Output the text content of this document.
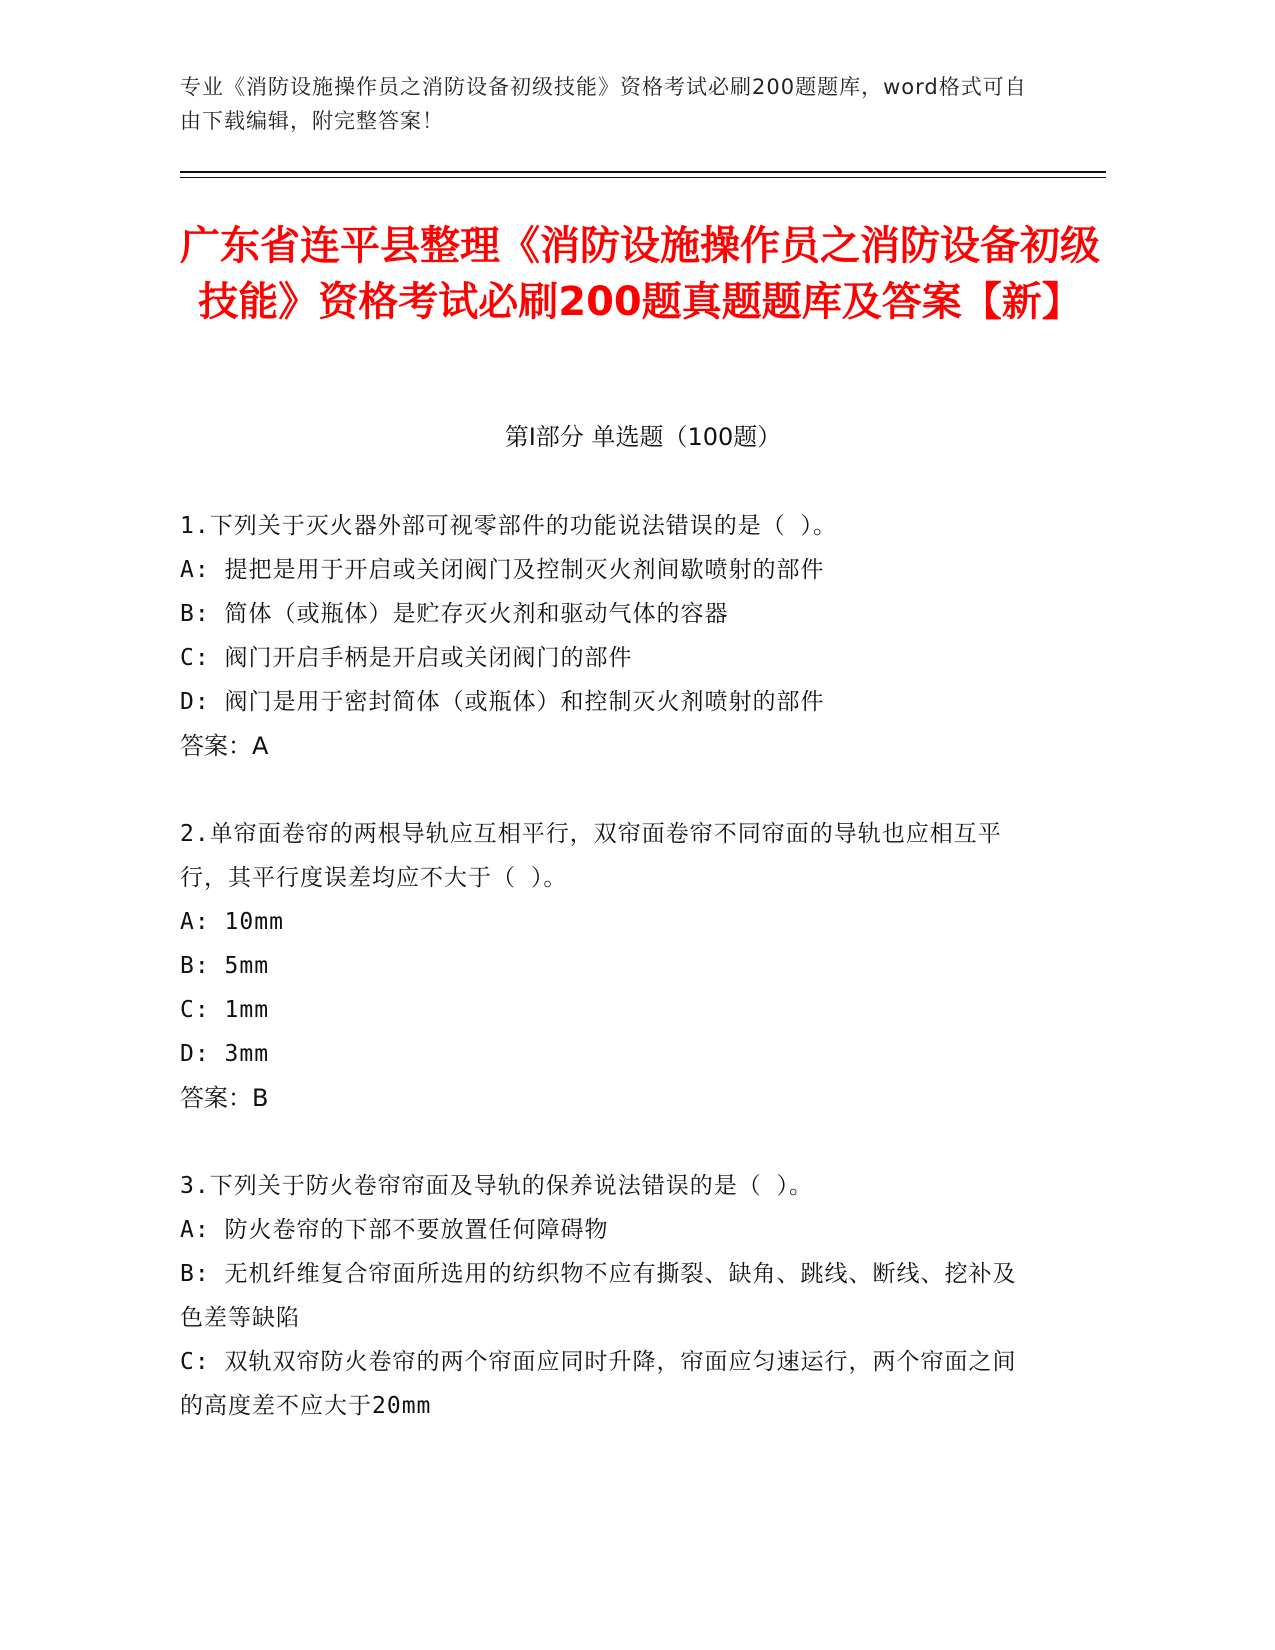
专业《消防设施操作员之消防设备初级技能》资格考试必刷200题题库，word格式可自由下载编辑，附完整答案！
广东省连平县整理《消防设施操作员之消防设备初级技能》资格考试必刷200题真题题库及答案【新】
第Ⅰ部分 单选题（100题）
1.下列关于灭火器外部可视零部件的功能说法错误的是（ ）。
A: 提把是用于开启或关闭阀门及控制灭火剂间歇喷射的部件
B: 简体（或瓶体）是贮存灭火剂和驱动气体的容器
C: 阀门开启手柄是开启或关闭阀门的部件
D: 阀门是用于密封简体（或瓶体）和控制灭火剂喷射的部件
答案：A
2.单帘面卷帘的两根导轨应互相平行，双帘面卷帘不同帘面的导轨也应相互平行，其平行度误差均应不大于（ ）。
A: 10mm
B: 5mm
C: 1mm
D: 3mm
答案：B
3.下列关于防火卷帘帘面及导轨的保养说法错误的是（ ）。
A: 防火卷帘的下部不要放置任何障碍物
B: 无机纤维复合帘面所选用的纺织物不应有撕裂、缺角、跳线、断线、挖补及色差等缺陷
C: 双轨双帘防火卷帘的两个帘面应同时升降，帘面应匀速运行，两个帘面之间的高度差不应大于20mm
